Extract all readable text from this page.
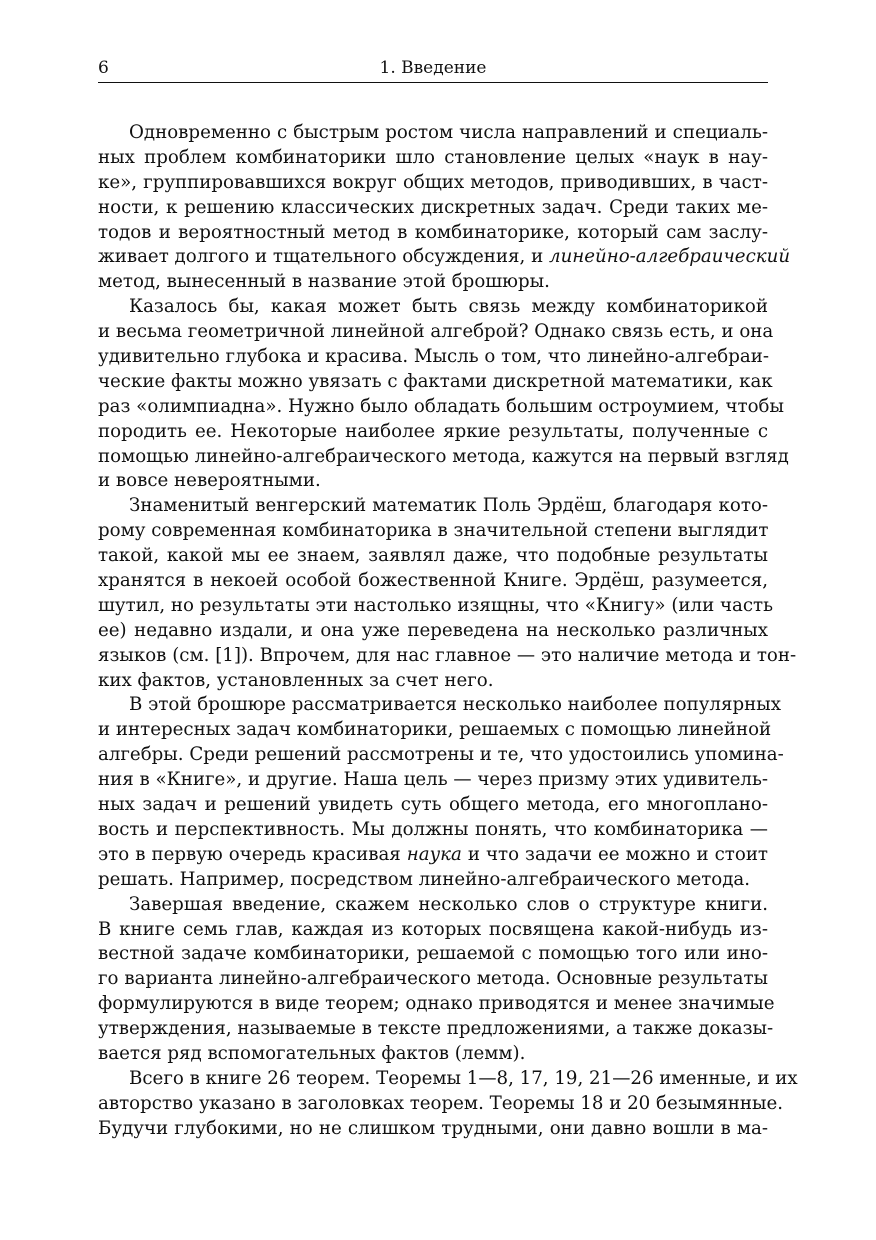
6	1. Введение
Одновременно с быстрым ростом числа направлений и специаль-
ных проблем комбинаторики шло становление целых «наук в нау-
ке», группировавшихся вокруг общих методов, приводивших, в част-
ности, к решению классических дискретных задач. Среди таких ме-
тодов и вероятностный метод в комбинаторике, который сам заслу-
живает долгого и тщательного обсуждения, и линейно-алгебраический
метод, вынесенный в название этой брошюры.
Казалось бы, какая может быть связь между комбинаторикой
и весьма геометричной линейной алгеброй? Однако связь есть, и она
удивительно глубока и красива. Мысль о том, что линейно-алгебраи-
ческие факты можно увязать с фактами дискретной математики, как
раз «олимпиадна». Нужно было обладать большим остроумием, чтобы
породить ее. Некоторые наиболее яркие результаты, полученные с
помощью линейно-алгебраического метода, кажутся на первый взгляд
и вовсе невероятными.
Знаменитый венгерский математик Поль Эрдёш, благодаря кото-
рому современная комбинаторика в значительной степени выглядит
такой, какой мы ее знаем, заявлял даже, что подобные результаты
хранятся в некоей особой божественной Книге. Эрдёш, разумеется,
шутил, но результаты эти настолько изящны, что «Книгу» (или часть
ее) недавно издали, и она уже переведена на несколько различных
языков (см. [1]). Впрочем, для нас главное — это наличие метода и тон-
ких фактов, установленных за счет него.
В этой брошюре рассматривается несколько наиболее популярных
и интересных задач комбинаторики, решаемых с помощью линейной
алгебры. Среди решений рассмотрены и те, что удостоились упомина-
ния в «Книге», и другие. Наша цель — через призму этих удивитель-
ных задач и решений увидеть суть общего метода, его многоплано-
вость и перспективность. Мы должны понять, что комбинаторика —
это в первую очередь красивая наука и что задачи ее можно и стоит
решать. Например, посредством линейно-алгебраического метода.
Завершая введение, скажем несколько слов о структуре книги.
В книге семь глав, каждая из которых посвящена какой-нибудь из-
вестной задаче комбинаторики, решаемой с помощью того или ино-
го варианта линейно-алгебраического метода. Основные результаты
формулируются в виде теорем; однако приводятся и менее значимые
утверждения, называемые в тексте предложениями, а также доказы-
вается ряд вспомогательных фактов (лемм).
Всего в книге 26 теорем. Теоремы 1—8, 17, 19, 21—26 именные, и их
авторство указано в заголовках теорем. Теоремы 18 и 20 безымянные.
Будучи глубокими, но не слишком трудными, они давно вошли в ма-
